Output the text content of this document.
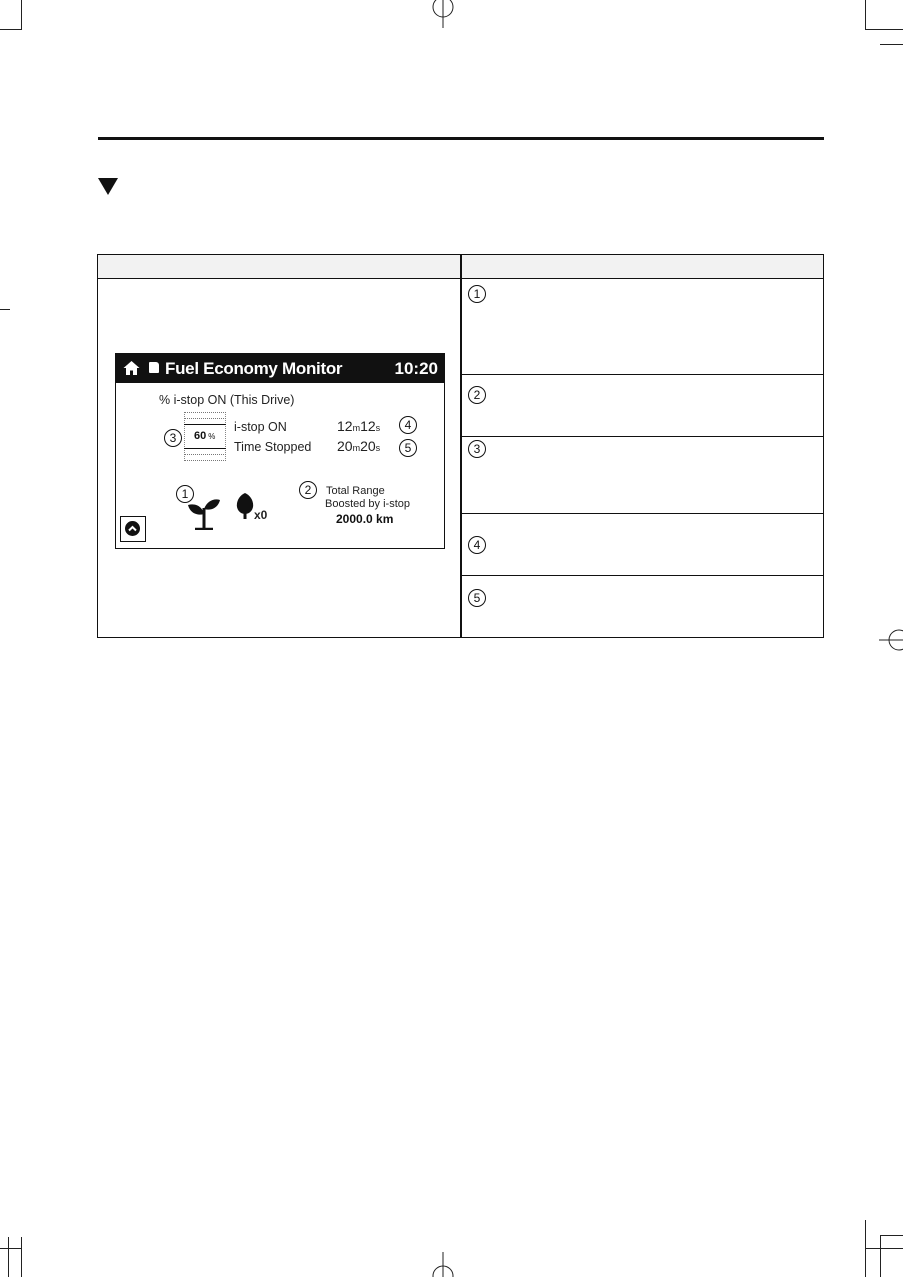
1
2
3
4
5
Fuel Economy Monitor	10:20
% i-stop ON (This Drive)
3	60 %
i-stop ON	12m12s	4
Time Stopped 20m20s	5
1
x0
2	Total Range
Boosted by i-stop
2000.0 km
